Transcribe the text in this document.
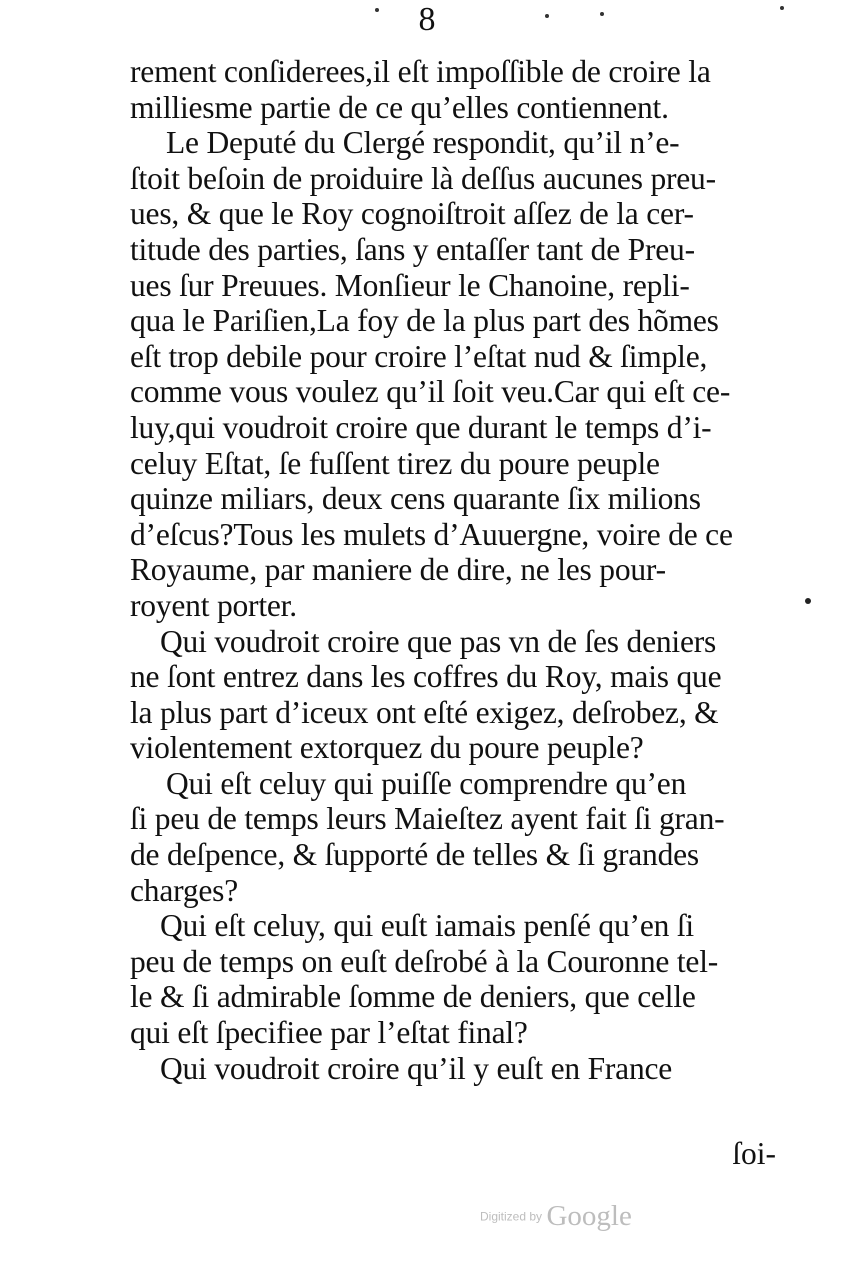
8
rement conſiderees,il eſt impoſſible de croire la
milliesme partie de ce qu’elles contiennent.
Le Deputé du Clergé respondit, qu’il n’e-
ſtoit beſoin de proiduire là deſſus aucunes preu-
ues, & que le Roy cognoiſtroit aſſez de la cer-
titude des parties, ſans y entaſſer tant de Preu-
ues ſur Preuues. Monſieur le Chanoine, repli-
qua le Pariſien,La foy de la plus part des hõmes
eſt trop debile pour croire l’eſtat nud & ſimple,
comme vous voulez qu’il ſoit veu.Car qui eſt ce-
luy,qui voudroit croire que durant le temps d’i-
celuy Eſtat, ſe fuſſent tirez du poure peuple
quinze miliars, deux cens quarante ſix milions
d’eſcus?Tous les mulets d’Auuergne, voire de ce
Royaume, par maniere de dire, ne les pour-
royent porter.
Qui voudroit croire que pas vn de ſes deniers
ne ſont entrez dans les coffres du Roy, mais que
la plus part d’iceux ont eſté exigez, deſrobez, &
violentement extorquez du poure peuple?
Qui eſt celuy qui puiſſe comprendre qu’en
ſi peu de temps leurs Maieſtez ayent fait ſi gran-
de deſpence, & ſupporté de telles & ſi grandes
charges?
Qui eſt celuy, qui euſt iamais penſé qu’en ſi
peu de temps on euſt deſrobé à la Couronne tel-
le & ſi admirable ſomme de deniers, que celle
qui eſt ſpecifiee par l’eſtat final?
Qui voudroit croire qu’il y euſt en France
ſoi-
Digitized by Google
